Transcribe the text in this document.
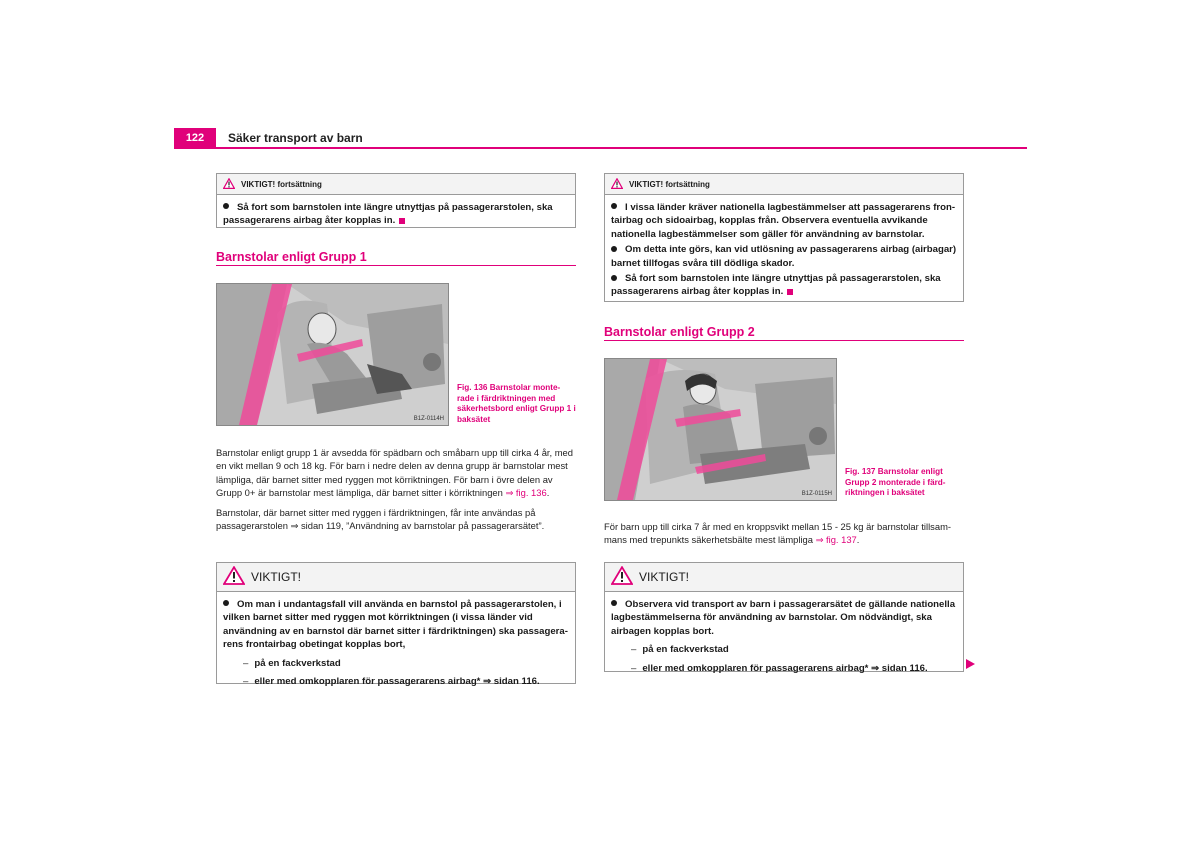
122	Säker transport av barn
VIKTIGT! fortsättning

Så fort som barnstolen inte längre utnyttjas på passagerarstolen, ska passagerarens airbag åter kopplas in.

Barnstolar enligt Grupp 1
B1Z-0114H
Fig. 136 Barnstolar monte- rade i färdriktningen med säkerhetsbord enligt Grupp 1 i baksätet

Barnstolar enligt grupp 1 är avsedda för spädbarn och småbarn upp till cirka 4 år, med en vikt mellan 9 och 18 kg. För barn i nedre delen av denna grupp är barnstolar mest lämpliga, där barnet sitter med ryggen mot körriktningen. För barn i övre delen av Grupp 0+ är barnstolar mest lämpliga, där barnet sitter i körriktningen ⇒ fig. 136.

Barnstolar, där barnet sitter med ryggen i färdriktningen, får inte användas på passagerarstolen ⇒ sidan 119, ”Användning av barnstolar på passagerarsätet”.

VIKTIGT!

Om man i undantagsfall vill använda en barnstol på passagerarstolen, i vilken barnet sitter med ryggen mot körriktningen (i vissa länder vid användning av en barnstol där barnet sitter i färdriktningen) ska passagera- rens frontairbag obetingat kopplas bort,

– på en fackverkstad
– eller med omkopplaren för passagerarens airbag* ⇒ sidan 116.
VIKTIGT! fortsättning

I vissa länder kräver nationella lagbestämmelser att passagerarens fron- tairbag och sidoairbag, kopplas från. Observera eventuella avvikande nationella lagbestämmelser som gäller för användning av barnstolar.

Om detta inte görs, kan vid utlösning av passagerarens airbag (airbagar) barnet tillfogas svåra till dödliga skador.

Så fort som barnstolen inte längre utnyttjas på passagerarstolen, ska passagerarens airbag åter kopplas in.

Barnstolar enligt Grupp 2
B1Z-0115H
Fig. 137 Barnstolar enligt Grupp 2 monterade i färd- riktningen i baksätet

För barn upp till cirka 7 år med en kroppsvikt mellan 15 - 25 kg är barnstolar tillsam- mans med trepunkts säkerhetsbälte mest lämpliga ⇒ fig. 137.

VIKTIGT!

Observera vid transport av barn i passagerarsätet de gällande nationella lagbestämmelserna för användning av barnstolar. Om nödvändigt, ska airbagen kopplas bort.

– på en fackverkstad
– eller med omkopplaren för passagerarens airbag* ⇒ sidan 116.
